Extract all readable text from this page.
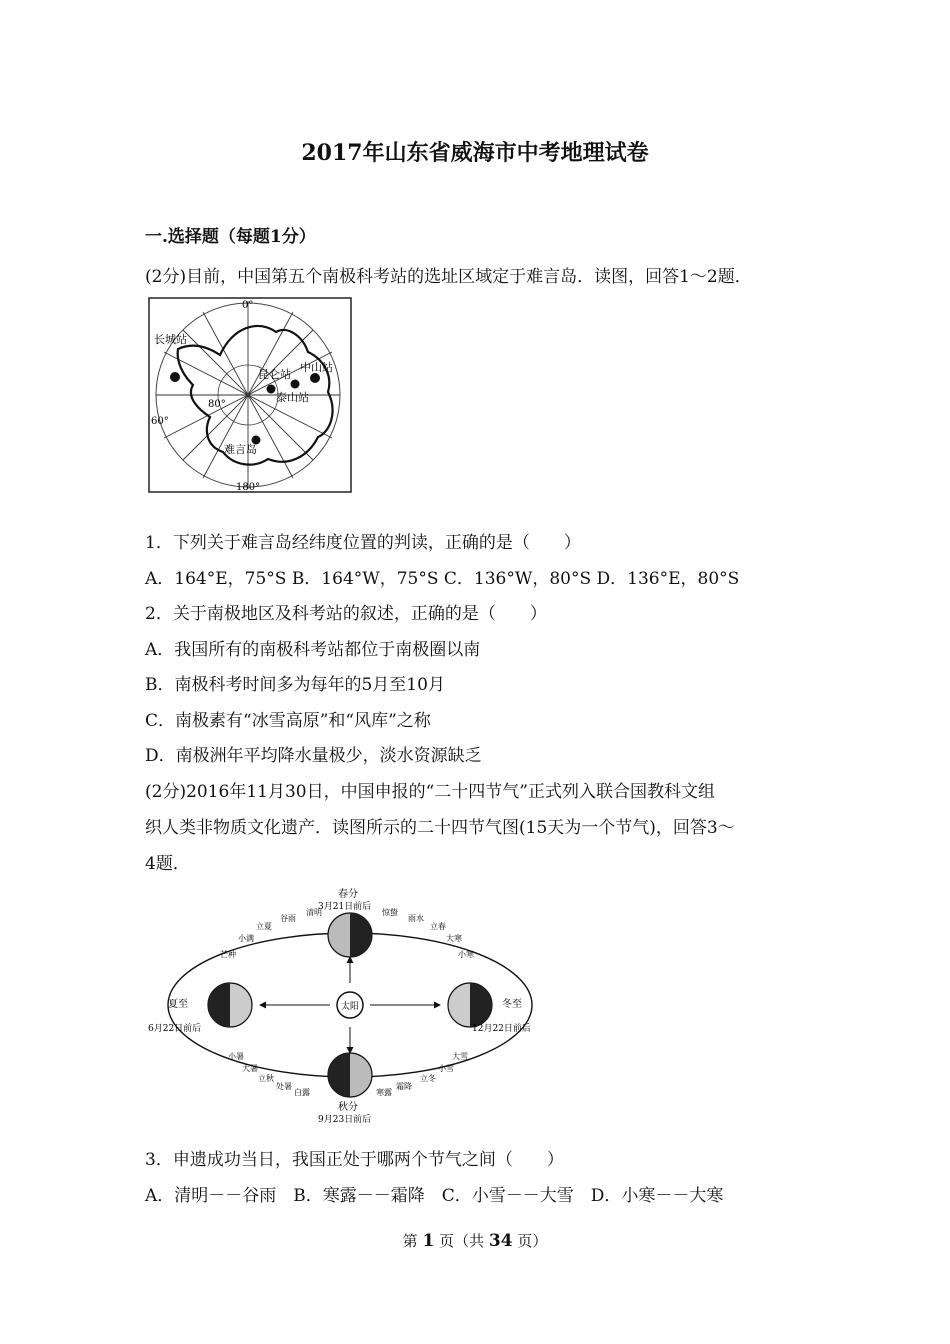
2017年山东省威海市中考地理试卷
一.选择题（每题1分）
(2分)目前，中国第五个南极科考站的选址区域定于难言岛．读图，回答1～2题．
0°
180°
80°
60°
长城站
昆仑站
中山站
泰山站
难言岛
1．下列关于难言岛经纬度位置的判读，正确的是（　　）
A．164°E，75°S B．164°W，75°S C．136°W，80°S D．136°E，80°S
2．关于南极地区及科考站的叙述，正确的是（　　）
A．我国所有的南极科考站都位于南极圈以南
B．南极科考时间多为每年的5月至10月
C．南极素有“冰雪高原”和“风库”之称
D．南极洲年平均降水量极少，淡水资源缺乏
(2分)2016年11月30日，中国申报的“二十四节气”正式列入联合国教科文组
织人类非物质文化遗产．读图所示的二十四节气图(15天为一个节气)，回答3～
4题．
太阳
春分
3月21日前后
秋分
9月23日前后
夏至
6月22日前后
冬至
12月22日前后
谷雨
清明
立夏
小满
芒种
惊蛰
雨水
立春
大寒
小寒
小暑
大暑
立秋
处暑
白露	寒露
霜降
立冬
小雪
大雪
3．申遗成功当日，我国正处于哪两个节气之间（　　）
A．清明－－谷雨　B．寒露－－霜降　C．小雪－－大雪　D．小寒－－大寒
第 1 页（共 34 页）
